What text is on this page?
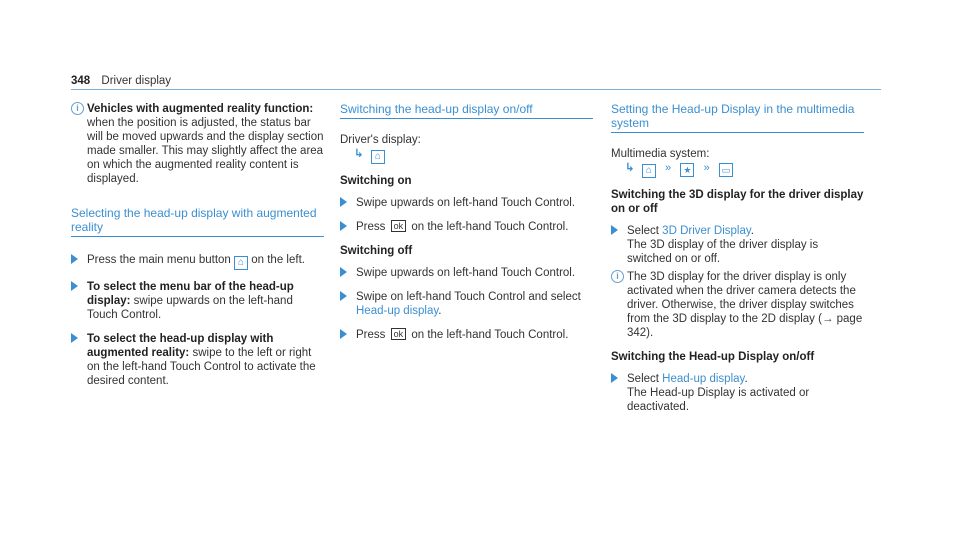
348 Driver display
i Vehicles with augmented reality function:
when the position is adjusted, the status bar will be moved upwards and the display section made smaller. This may slightly affect the area on which the augmented reality content is displayed.

Selecting the head-up display with augmented reality
Press the main menu button ⌂ on the left.
To select the menu bar of the head-up display: swipe upwards on the left-hand Touch Control.
To select the head-up display with augmented reality: swipe to the left or right on the left-hand Touch Control to activate the desired content.
Switching the head-up display on/off
Driver's display:
↳ ⌂
Switching on
Swipe upwards on left-hand Touch Control.
Press ok on the left-hand Touch Control.
Switching off
Swipe upwards on left-hand Touch Control.
Swipe on left-hand Touch Control and select Head-up display.
Press ok on the left-hand Touch Control.
Setting the Head-up Display in the multimedia system
Multimedia system:
↳ ⌂ » ★ » ▭
Switching the 3D display for the driver display on or off
Select 3D Driver Display.
The 3D display of the driver display is switched on or off.
i The 3D display for the driver display is only activated when the driver camera detects the driver. Otherwise, the driver display switches from the 3D display to the 2D display (→ page 342).

Switching the Head-up Display on/off
Select Head-up display.
The Head-up Display is activated or deactivated.
